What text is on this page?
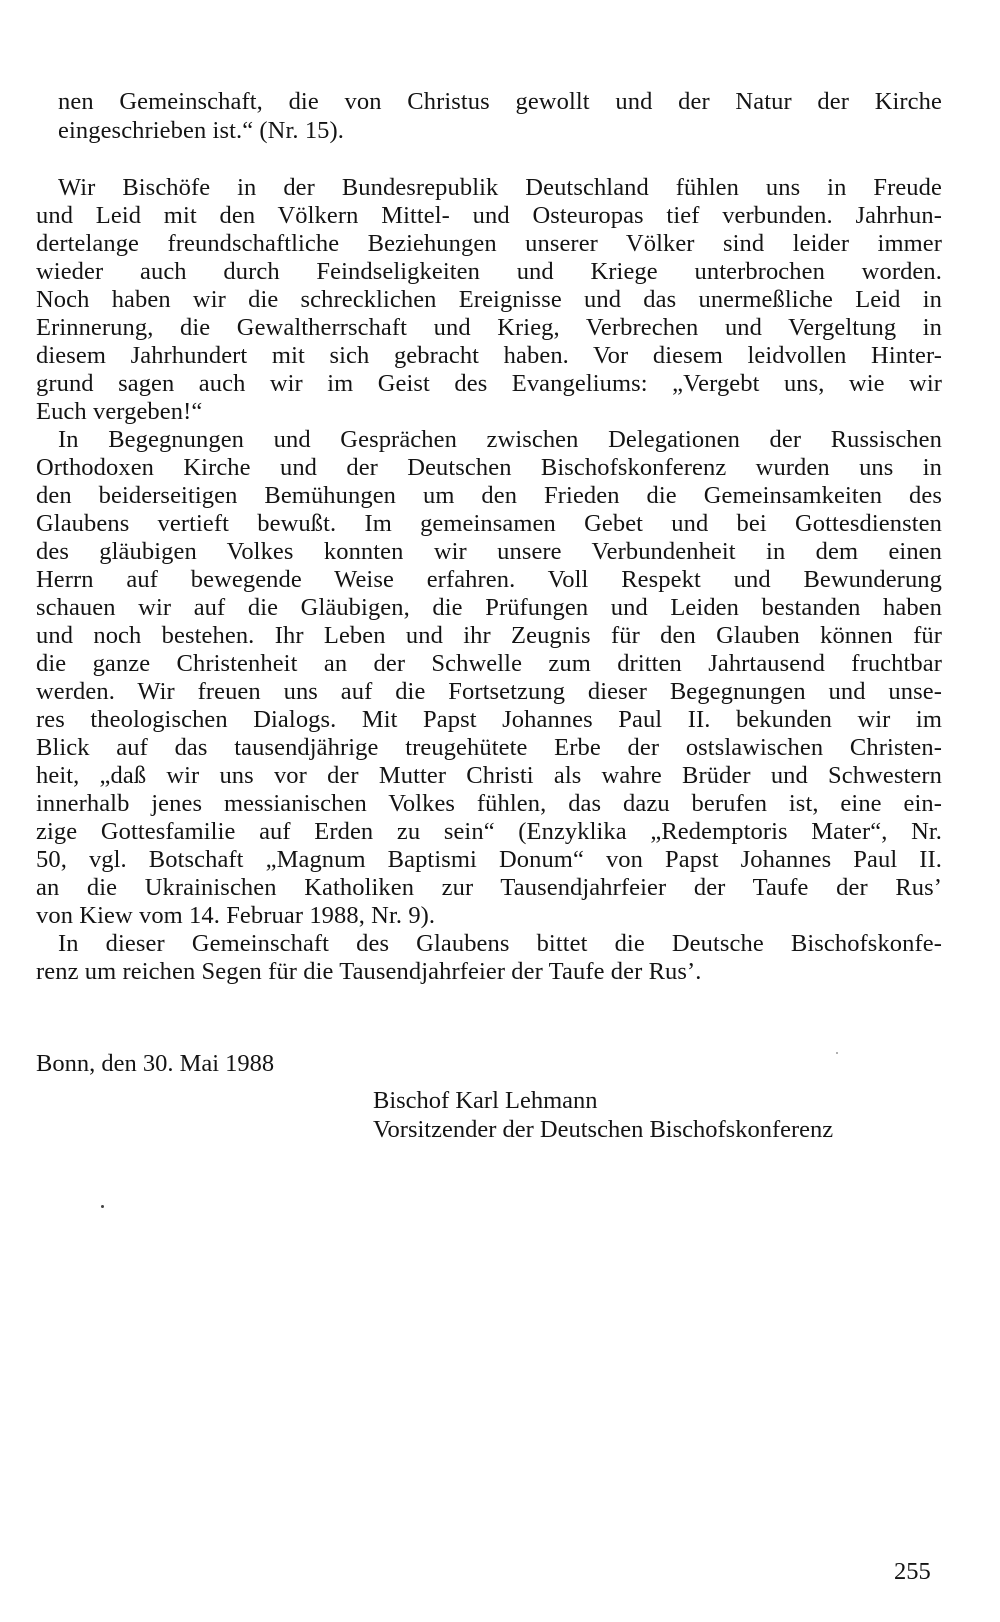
nen Gemeinschaft, die von Christus gewollt und der Natur der Kirche
eingeschrieben ist.“ (Nr. 15).
Wir Bischöfe in der Bundesrepublik Deutschland fühlen uns in Freude
und Leid mit den Völkern Mittel- und Osteuropas tief verbunden. Jahrhun-
dertelange freundschaftliche Beziehungen unserer Völker sind leider immer
wieder auch durch Feindseligkeiten und Kriege unterbrochen worden.
Noch haben wir die schrecklichen Ereignisse und das unermeßliche Leid in
Erinnerung, die Gewaltherrschaft und Krieg, Verbrechen und Vergeltung in
diesem Jahrhundert mit sich gebracht haben. Vor diesem leidvollen Hinter-
grund sagen auch wir im Geist des Evangeliums: „Vergebt uns, wie wir
Euch vergeben!“
In Begegnungen und Gesprächen zwischen Delegationen der Russischen
Orthodoxen Kirche und der Deutschen Bischofskonferenz wurden uns in
den beiderseitigen Bemühungen um den Frieden die Gemeinsamkeiten des
Glaubens vertieft bewußt. Im gemeinsamen Gebet und bei Gottesdiensten
des gläubigen Volkes konnten wir unsere Verbundenheit in dem einen
Herrn auf bewegende Weise erfahren. Voll Respekt und Bewunderung
schauen wir auf die Gläubigen, die Prüfungen und Leiden bestanden haben
und noch bestehen. Ihr Leben und ihr Zeugnis für den Glauben können für
die ganze Christenheit an der Schwelle zum dritten Jahrtausend fruchtbar
werden. Wir freuen uns auf die Fortsetzung dieser Begegnungen und unse-
res theologischen Dialogs. Mit Papst Johannes Paul II. bekunden wir im
Blick auf das tausendjährige treugehütete Erbe der ostslawischen Christen-
heit, „daß wir uns vor der Mutter Christi als wahre Brüder und Schwestern
innerhalb jenes messianischen Volkes fühlen, das dazu berufen ist, eine ein-
zige Gottesfamilie auf Erden zu sein“ (Enzyklika „Redemptoris Mater“, Nr.
50, vgl. Botschaft „Magnum Baptismi Donum“ von Papst Johannes Paul II.
an die Ukrainischen Katholiken zur Tausendjahrfeier der Taufe der Rus’
von Kiew vom 14. Februar 1988, Nr. 9).
In dieser Gemeinschaft des Glaubens bittet die Deutsche Bischofskonfe-
renz um reichen Segen für die Tausendjahrfeier der Taufe der Rus’.
Bonn, den 30. Mai 1988
Bischof Karl Lehmann
Vorsitzender der Deutschen Bischofskonferenz
255
